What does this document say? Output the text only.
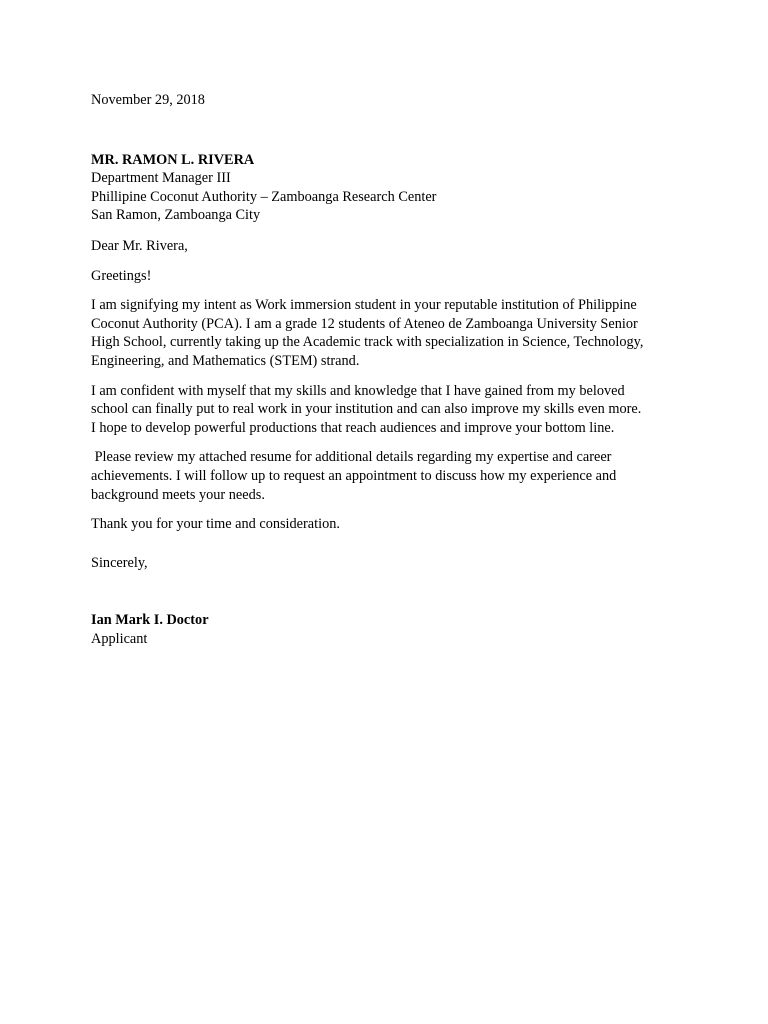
November 29, 2018
MR. RAMON L. RIVERA
Department Manager III
Phillipine Coconut Authority – Zamboanga Research Center
San Ramon, Zamboanga City
Dear Mr. Rivera,
Greetings!
I am signifying my intent as Work immersion student in your reputable institution of Philippine
Coconut Authority (PCA). I am a grade 12 students of Ateneo de Zamboanga University Senior
High School, currently taking up the Academic track with specialization in Science, Technology,
Engineering, and Mathematics (STEM) strand.
I am confident with myself that my skills and knowledge that I have gained from my beloved
school can finally put to real work in your institution and can also improve my skills even more.
I hope to develop powerful productions that reach audiences and improve your bottom line.
Please review my attached resume for additional details regarding my expertise and career
achievements. I will follow up to request an appointment to discuss how my experience and
background meets your needs.
Thank you for your time and consideration.
Sincerely,
Ian Mark I. Doctor
Applicant
